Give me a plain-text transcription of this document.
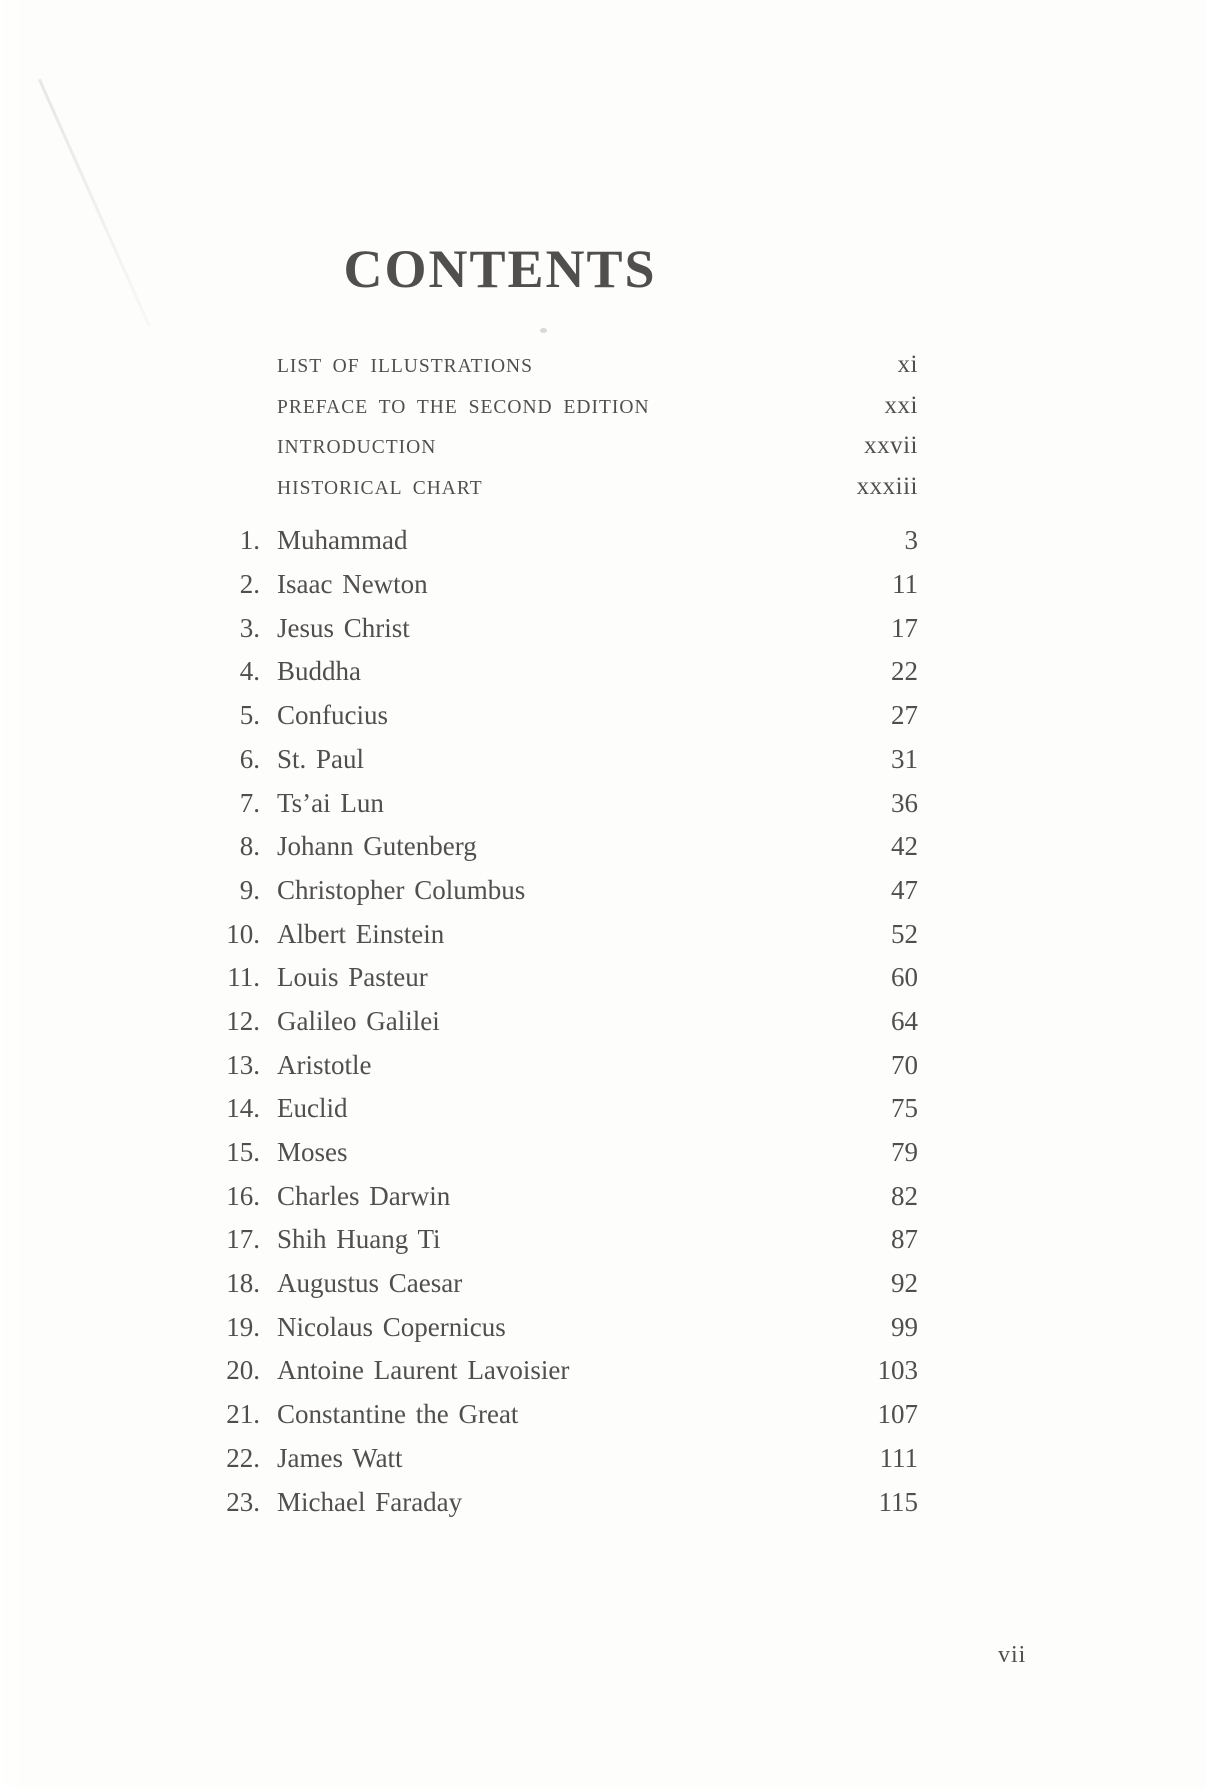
CONTENTS
LIST OF ILLUSTRATIONS	xi
PREFACE TO THE SECOND EDITION	xxi
INTRODUCTION	xxvii
HISTORICAL CHART	xxxiii
1. Muhammad	3
2. Isaac Newton	11
3. Jesus Christ	17
4. Buddha	22
5. Confucius	27
6. St. Paul	31
7. Ts’ai Lun	36
8. Johann Gutenberg	42
9. Christopher Columbus	47
10. Albert Einstein	52
11. Louis Pasteur	60
12. Galileo Galilei	64
13. Aristotle	70
14. Euclid	75
15. Moses	79
16. Charles Darwin	82
17. Shih Huang Ti	87
18. Augustus Caesar	92
19. Nicolaus Copernicus	99
20. Antoine Laurent Lavoisier	103
21. Constantine the Great	107
22. James Watt	111
23. Michael Faraday	115
vii
